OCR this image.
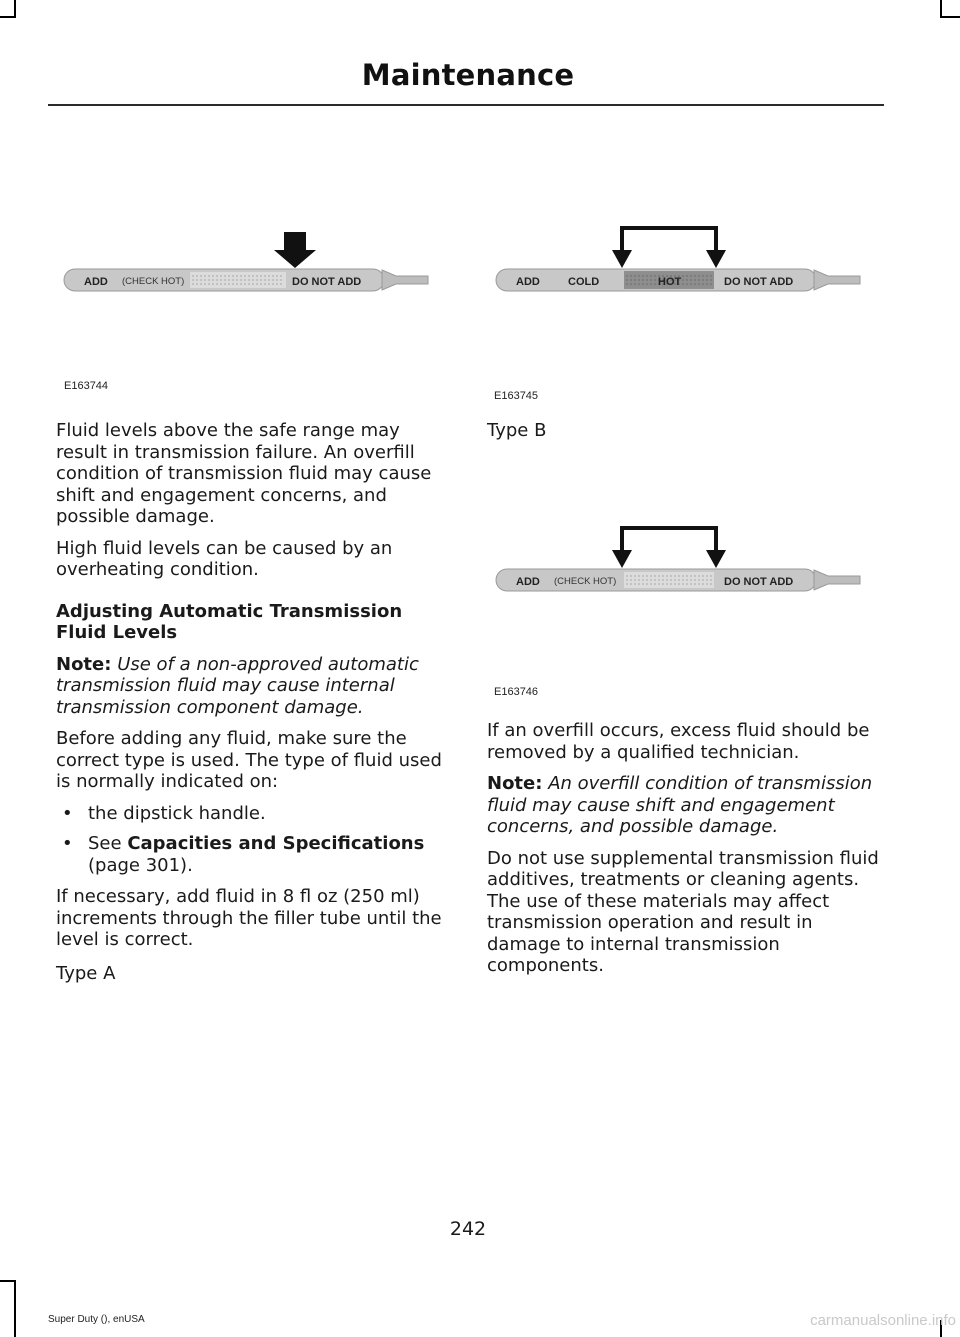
Maintenance
ADD (CHECK HOT)	DO NOT ADD
E163744
ADD	COLD	HOT	DO NOT ADD
E163745
ADD (CHECK HOT)	DO NOT ADD
E163746

Fluid levels above the safe range may result in transmission failure. An overfill condition of transmission fluid may cause shift and engagement concerns, and possible damage.

High fluid levels can be caused by an overheating condition.

Adjusting Automatic Transmission Fluid Levels

Note: Use of a non-approved automatic transmission fluid may cause internal transmission component damage.

Before adding any fluid, make sure the correct type is used. The type of fluid used is normally indicated on:

• the dipstick handle.
• See Capacities and Specifications (page 301).

If necessary, add fluid in 8 fl oz (250 ml) increments through the filler tube until the level is correct.

Type A

Type B

If an overfill occurs, excess fluid should be removed by a qualified technician.

Note: An overfill condition of transmission fluid may cause shift and engagement concerns, and possible damage.

Do not use supplemental transmission fluid additives, treatments or cleaning agents. The use of these materials may affect transmission operation and result in damage to internal transmission components.

242
Super Duty (), enUSA	carmanualsonline.info
